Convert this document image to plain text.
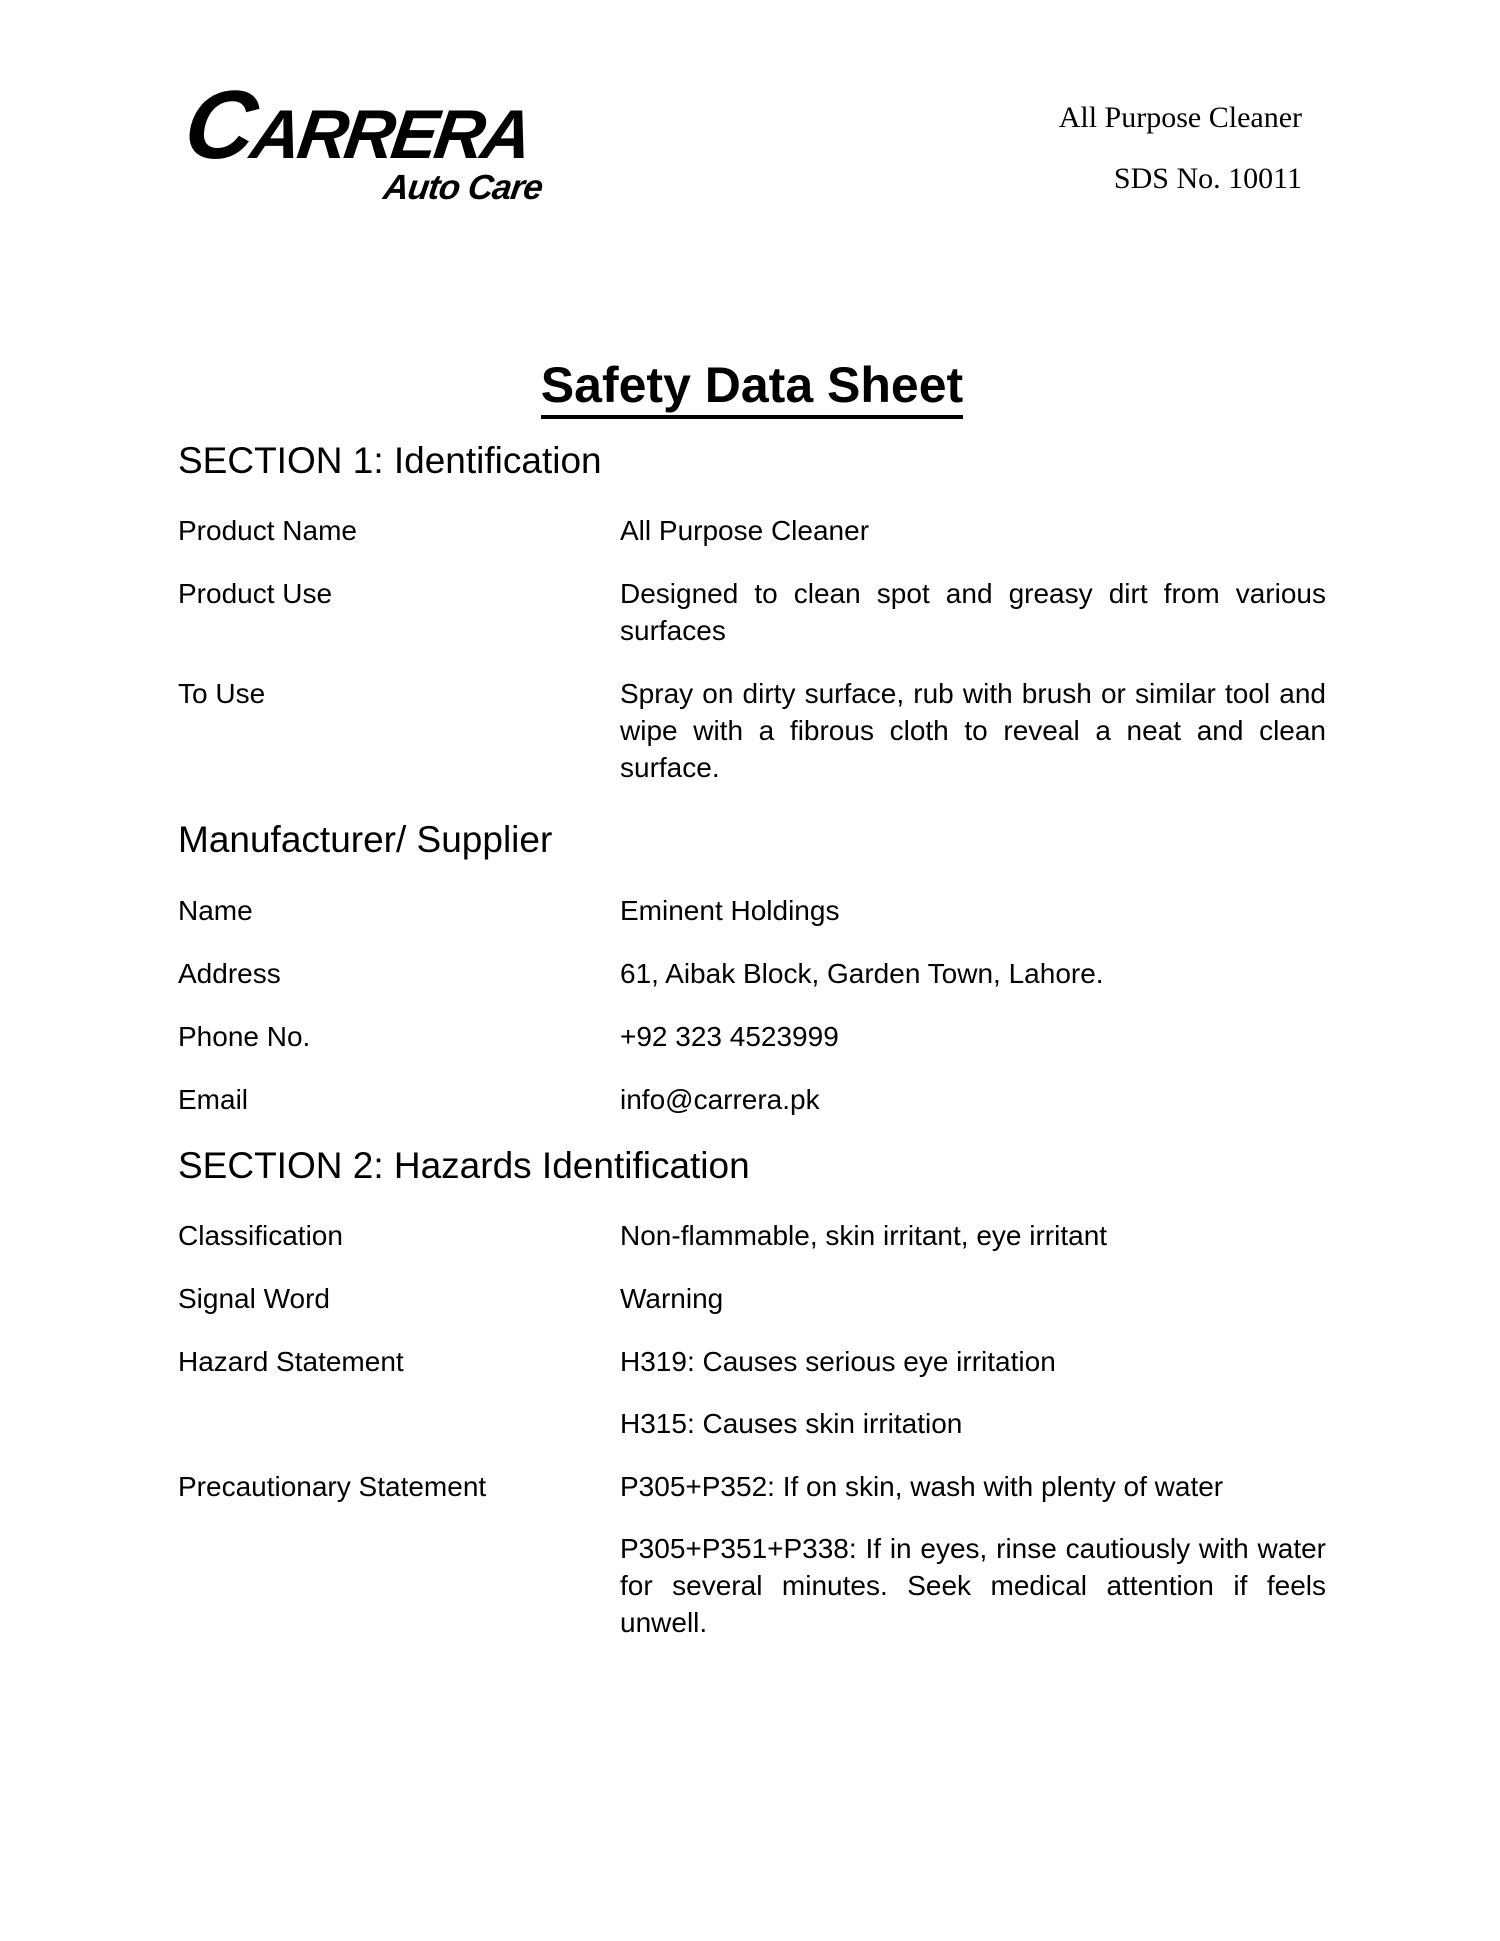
C
ARRERA
Auto Care
All Purpose Cleaner
SDS No. 10011
Safety Data Sheet
SECTION 1: Identification
Product Name	All Purpose Cleaner
Product Use	Designed to clean spot and greasy dirt from various surfaces
To Use	Spray on dirty surface, rub with brush or similar tool and wipe with a fibrous cloth to reveal a neat and clean surface.
Manufacturer/ Supplier
Name	Eminent Holdings
Address	61, Aibak Block, Garden Town, Lahore.
Phone No.	+92 323 4523999
Email	info@carrera.pk
SECTION 2: Hazards Identification
Classification	Non-flammable, skin irritant, eye irritant
Signal Word	Warning
Hazard Statement	H319: Causes serious eye irritation
H315: Causes skin irritation
Precautionary Statement	P305+P352: If on skin, wash with plenty of water
P305+P351+P338: If in eyes, rinse cautiously with water for several minutes. Seek medical attention if feels unwell.
